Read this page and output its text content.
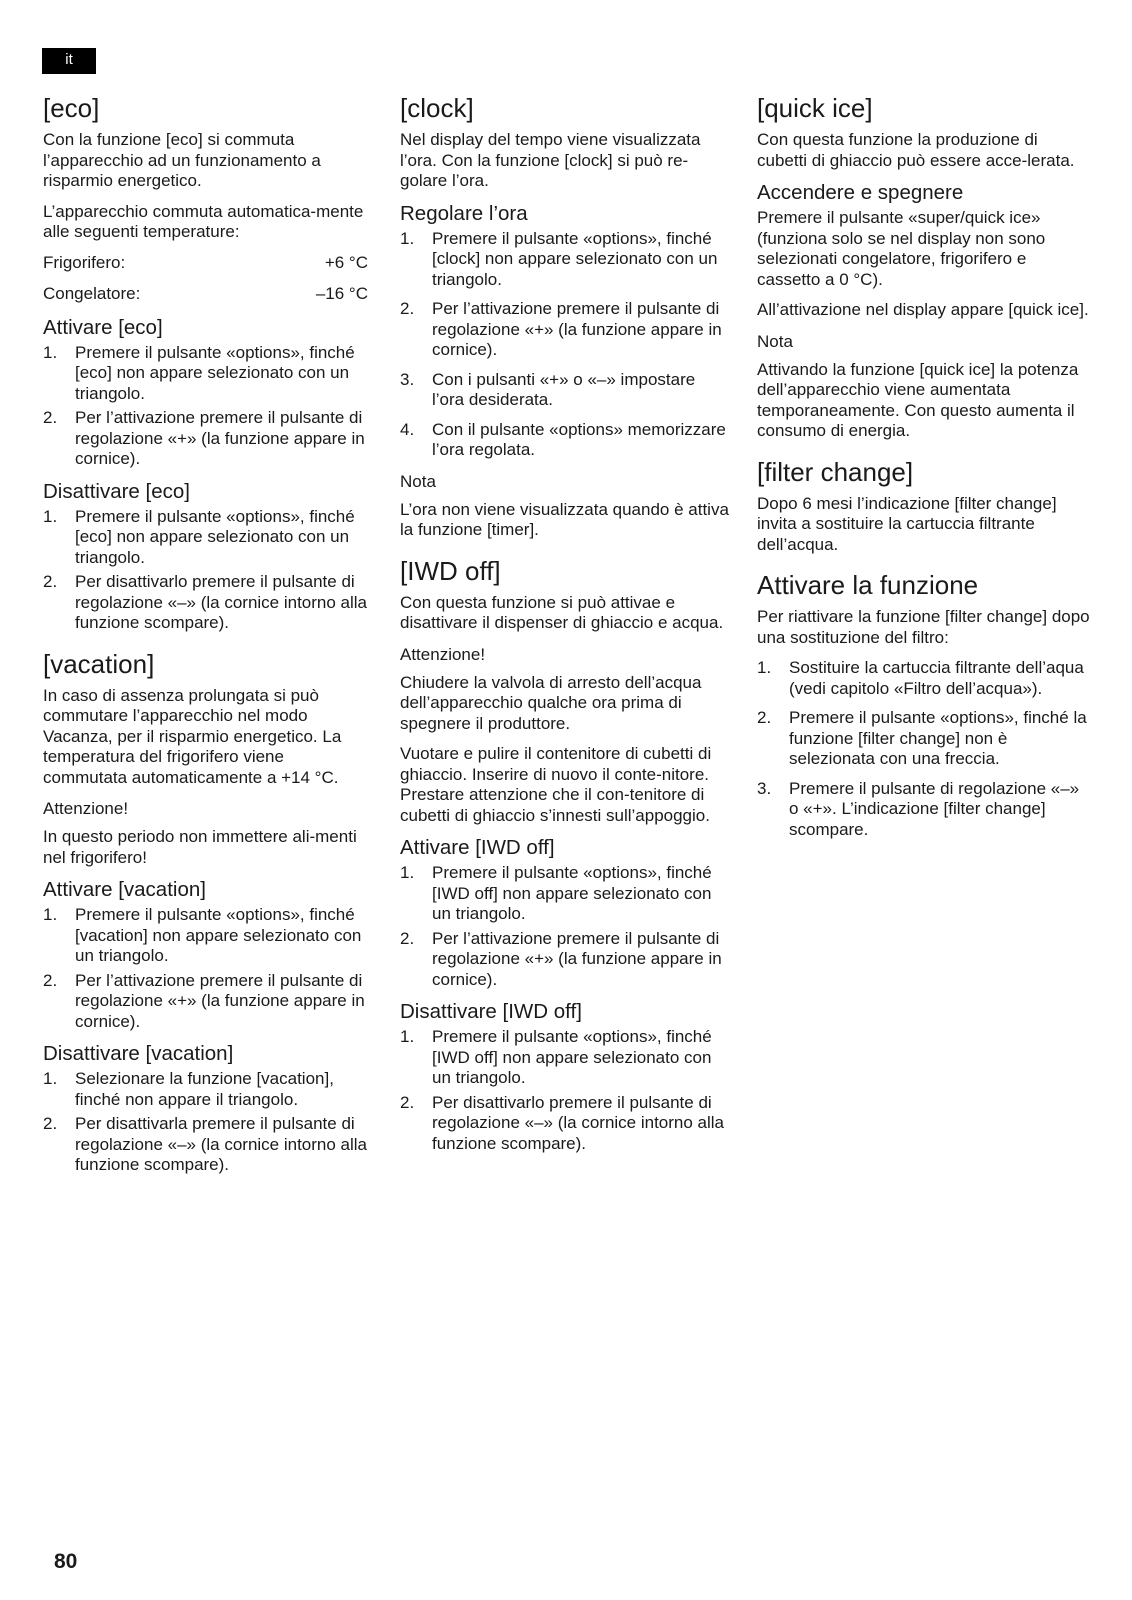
it
[eco]

Con la funzione [eco] si commuta l’apparecchio ad un funzionamento a risparmio energetico.

L’apparecchio commuta automatica-mente alle seguenti temperature:

Frigorifero:	+6 °C
Congelatore:	–16 °C
Attivare [eco]
1. Premere il pulsante «options», finché [eco] non appare selezionato con un triangolo.
2. Per l’attivazione premere il pulsante di regolazione «+» (la funzione appare in cornice).
Disattivare [eco]
1. Premere il pulsante «options», finché [eco] non appare selezionato con un triangolo.
2. Per disattivarlo premere il pulsante di regolazione «–» (la cornice intorno alla funzione scompare).
[vacation]

In caso di assenza prolungata si può commutare l’apparecchio nel modo Vacanza, per il risparmio energetico. La temperatura del frigorifero viene commutata automaticamente a +14 °C.

Attenzione!

In questo periodo non immettere ali-menti nel frigorifero!

Attivare [vacation]
1. Premere il pulsante «options», finché [vacation] non appare selezionato con un triangolo.
2. Per l’attivazione premere il pulsante di regolazione «+» (la funzione appare in cornice).
Disattivare [vacation]
1. Selezionare la funzione [vacation], finché non appare il triangolo.
2. Per disattivarla premere il pulsante di regolazione «–» (la cornice intorno alla funzione scompare).
[clock]

Nel display del tempo viene visualizzata l’ora. Con la funzione [clock] si può re-golare l’ora.

Regolare l’ora
1. Premere il pulsante «options», finché [clock] non appare selezionato con un triangolo.
2. Per l’attivazione premere il pulsante di regolazione «+» (la funzione appare in cornice).
3. Con i pulsanti «+» o «–» impostare l’ora desiderata.
4. Con il pulsante «options» memorizzare l’ora regolata.
Nota

L’ora non viene visualizzata quando è attiva la funzione [timer].

[IWD off]

Con questa funzione si può attivae e disattivare il dispenser di ghiaccio e acqua.

Attenzione!

Chiudere la valvola di arresto dell’acqua dell’apparecchio qualche ora prima di spegnere il produttore.

Vuotare e pulire il contenitore di cubetti di ghiaccio. Inserire di nuovo il conte-nitore. Prestare attenzione che il con-tenitore di cubetti di ghiaccio s’innesti sull’appoggio.

Attivare [IWD off]
1. Premere il pulsante «options», finché [IWD off] non appare selezionato con un triangolo.
2. Per l’attivazione premere il pulsante di regolazione «+» (la funzione appare in cornice).
Disattivare [IWD off]
1. Premere il pulsante «options», finché [IWD off] non appare selezionato con un triangolo.
2. Per disattivarlo premere il pulsante di regolazione «–» (la cornice intorno alla funzione scompare).
[quick ice]

Con questa funzione la produzione di cubetti di ghiaccio può essere acce-lerata.

Accendere e spegnere

Premere il pulsante «super/quick ice» (funziona solo se nel display non sono selezionati congelatore, frigorifero e cassetto a 0 °C).

All’attivazione nel display appare [quick ice].

Nota

Attivando la funzione [quick ice] la potenza dell’apparecchio viene aumentata temporaneamente. Con questo aumenta il consumo di energia.

[filter change]

Dopo 6 mesi l’indicazione [filter change] invita a sostituire la cartuccia filtrante dell’acqua.

Attivare la funzione

Per riattivare la funzione [filter change] dopo una sostituzione del filtro:

1. Sostituire la cartuccia filtrante dell’aqua (vedi capitolo «Filtro dell’acqua»).
2. Premere il pulsante «options», finché la funzione [filter change] non è selezionata con una freccia.
3. Premere il pulsante di regolazione «–» o «+». L’indicazione [filter change] scompare.
80
